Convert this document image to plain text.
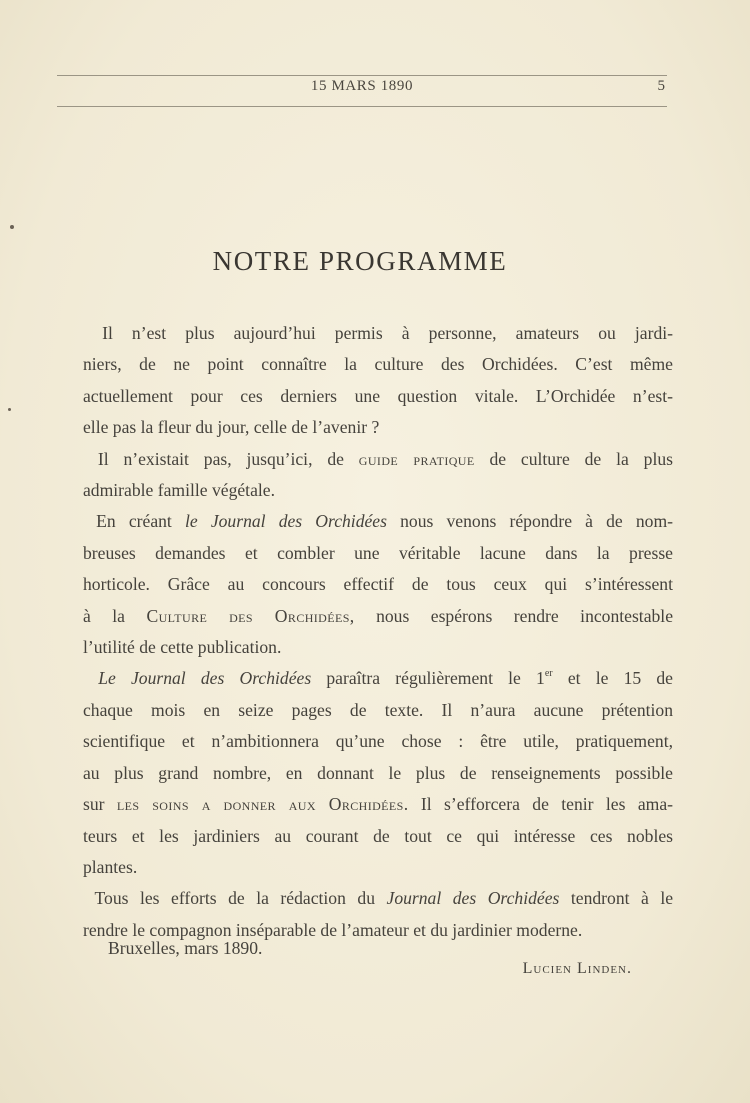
15 MARS 1890	5
NOTRE PROGRAMME
Il n’est plus aujourd’hui permis à personne, amateurs ou jardi-
niers, de ne point connaître la culture des Orchidées. C’est même
actuellement pour ces derniers une question vitale. L’Orchidée n’est-
elle pas la fleur du jour, celle de l’avenir ?
Il n’existait pas, jusqu’ici, de guide pratique de culture de la plus
admirable famille végétale.
En créant le Journal des Orchidées nous venons répondre à de nom-
breuses demandes et combler une véritable lacune dans la presse
horticole. Grâce au concours effectif de tous ceux qui s’intéressent
à la Culture des Orchidées, nous espérons rendre incontestable
l’utilité de cette publication.
Le Journal des Orchidées paraîtra régulièrement le 1er et le 15 de
chaque mois en seize pages de texte. Il n’aura aucune prétention
scientifique et n’ambitionnera qu’une chose : être utile, pratiquement,
au plus grand nombre, en donnant le plus de renseignements possible
sur les soins a donner aux Orchidées. Il s’efforcera de tenir les ama-
teurs et les jardiniers au courant de tout ce qui intéresse ces nobles
plantes.
Tous les efforts de la rédaction du Journal des Orchidées tendront à le
rendre le compagnon inséparable de l’amateur et du jardinier moderne.
Bruxelles, mars 1890.
Lucien Linden.
